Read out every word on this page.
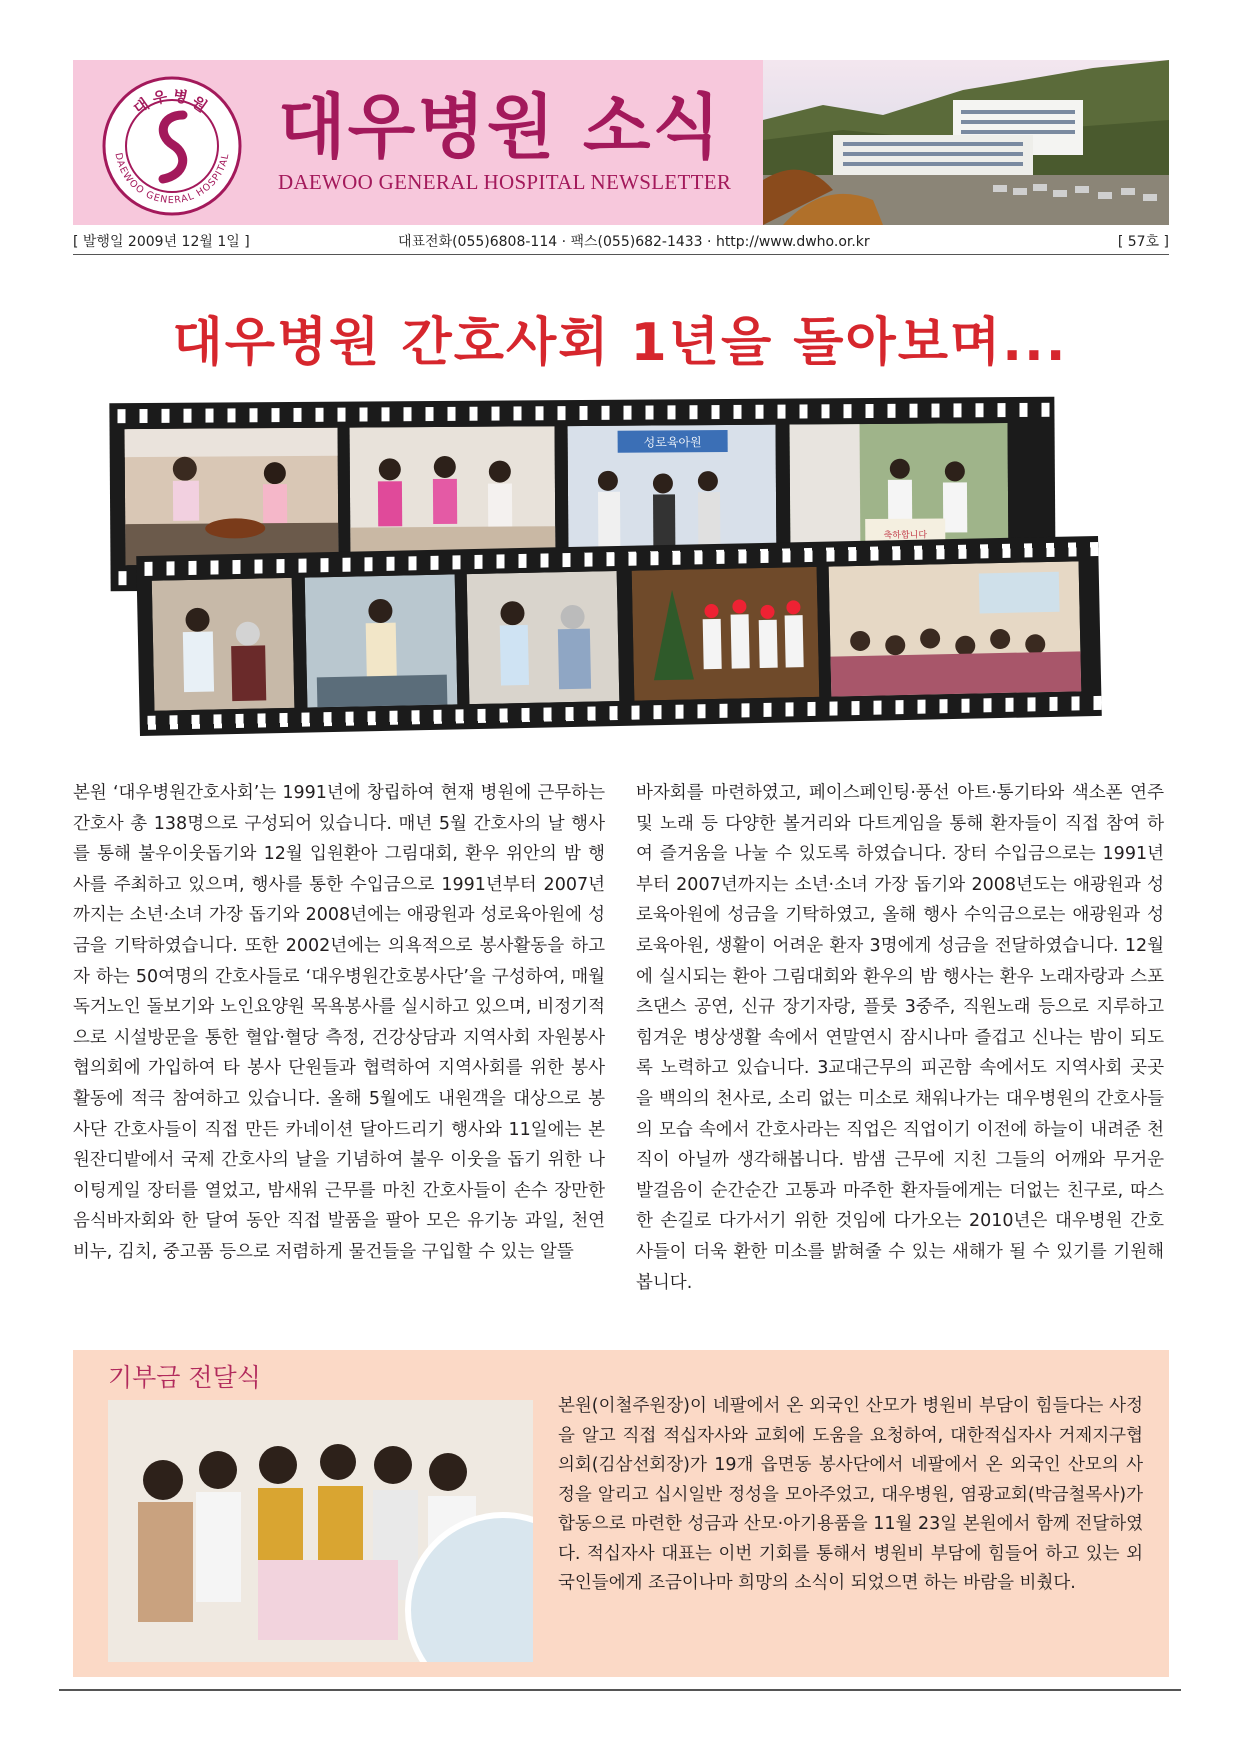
대우병원
DAEWOO GENERAL HOSPITAL 대우병원 소식
DAEWOO GENERAL HOSPITAL NEWSLETTER
[ 발행일 2009년 12월 1일 ]	대표전화(055)6808-114 · 팩스(055)682-1433 · http://www.dwho.or.kr	[ 57호 ]
대우병원 간호사회 1년을 돌아보며...
성로육아원
축하합니다

본원 ‘대우병원간호사회’는 1991년에 창립하여 현재 병원에 근무하는 간호사 총 138명으로 구성되어 있습니다. 매년 5월 간호사의 날 행사를 통해 불우이웃돕기와 12월 입원환아 그림대회, 환우 위안의 밤 행사를 주최하고 있으며, 행사를 통한 수입금으로 1991년부터 2007년까지는 소년·소녀 가장 돕기와 2008년에는 애광원과 성로육아원에 성금을 기탁하였습니다. 또한 2002년에는 의욕적으로 봉사활동을 하고자 하는 50여명의 간호사들로 ‘대우병원간호봉사단’을 구성하여, 매월 독거노인 돌보기와 노인요양원 목욕봉사를 실시하고 있으며, 비정기적으로 시설방문을 통한 혈압·혈당 측정, 건강상담과 지역사회 자원봉사 협의회에 가입하여 타 봉사 단원들과 협력하여 지역사회를 위한 봉사활동에 적극 참여하고 있습니다. 올해 5월에도 내원객을 대상으로 봉사단 간호사들이 직접 만든 카네이션 달아드리기 행사와 11일에는 본원잔디밭에서 국제 간호사의 날을 기념하여 불우 이웃을 돕기 위한 나이팅게일 장터를 열었고, 밤새워 근무를 마친 간호사들이 손수 장만한 음식바자회와 한 달여 동안 직접 발품을 팔아 모은 유기농 과일, 천연비누, 김치, 중고품 등으로 저렴하게 물건들을 구입할 수 있는 알뜰

바자회를 마련하였고, 페이스페인팅·풍선 아트·통기타와 색소폰 연주 및 노래 등 다양한 볼거리와 다트게임을 통해 환자들이 직접 참여 하여 즐거움을 나눌 수 있도록 하였습니다. 장터 수입금으로는 1991년부터 2007년까지는 소년·소녀 가장 돕기와 2008년도는 애광원과 성로육아원에 성금을 기탁하였고, 올해 행사 수익금으로는 애광원과 성로육아원, 생활이 어려운 환자 3명에게 성금을 전달하였습니다. 12월에 실시되는 환아 그림대회와 환우의 밤 행사는 환우 노래자랑과 스포츠댄스 공연, 신규 장기자랑, 플룻 3중주, 직원노래 등으로 지루하고 힘겨운 병상생활 속에서 연말연시 잠시나마 즐겁고 신나는 밤이 되도록 노력하고 있습니다. 3교대근무의 피곤함 속에서도 지역사회 곳곳을 백의의 천사로, 소리 없는 미소로 채워나가는 대우병원의 간호사들의 모습 속에서 간호사라는 직업은 직업이기 이전에 하늘이 내려준 천직이 아닐까 생각해봅니다. 밤샘 근무에 지친 그들의 어깨와 무거운 발걸음이 순간순간 고통과 마주한 환자들에게는 더없는 친구로, 따스한 손길로 다가서기 위한 것임에 다가오는 2010년은 대우병원 간호사들이 더욱 환한 미소를 밝혀줄 수 있는 새해가 될 수 있기를 기원해봅니다.

기부금 전달식

본원(이철주원장)이 네팔에서 온 외국인 산모가 병원비 부담이 힘들다는 사정을 알고 직접 적십자사와 교회에 도움을 요청하여, 대한적십자사 거제지구협의회(김삼선회장)가 19개 읍면동 봉사단에서 네팔에서 온 외국인 산모의 사정을 알리고 십시일반 정성을 모아주었고, 대우병원, 염광교회(박금철목사)가 합동으로 마련한 성금과 산모·아기용품을 11월 23일 본원에서 함께 전달하였다. 적십자사 대표는 이번 기회를 통해서 병원비 부담에 힘들어 하고 있는 외국인들에게 조금이나마 희망의 소식이 되었으면 하는 바람을 비췄다.
